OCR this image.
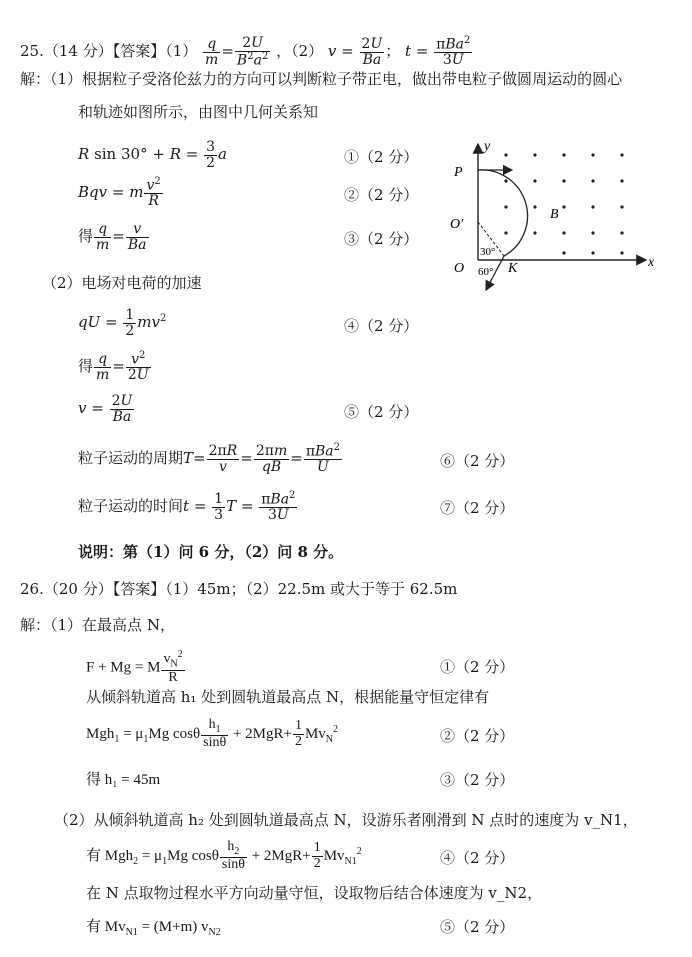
25.（14 分）【答案】$(1) \frac{q}{m} = \frac{2U}{B^2a^2}$ ，（2） $v = \frac{2U}{Ba}$ ； t = πBa$^2$
3U
解：（1）根据粒子受洛伦兹力的方向可以判断粒子带正电，做出带电粒子做圆周运动的圆心
和轨迹如图所示，由图中几何关系知
R $\sin 30^\circ + R = \frac{3}{2}$ a	①（2 分）
Bqv = m $\frac{v^2}{R}$	②（2 分）
得 $\frac{q}{m} = \frac{v}{Ba}$	③（2 分）
（2）电场对电荷的加速
qU = $\frac{1}{2} mv^2$	④（2 分）
得 $\frac{q}{m} = \frac{v^2}{2U}$
$v = \frac{2U}{Ba}$	⑤（2 分）
粒子运动的周期$T= \frac{2\pi R}{v} = \frac{2\pi m}{qB} = \pi Ba^2$
U	⑥（2 分）
粒子运动的时间$t = \frac{1}{3}$ T = πBa$^2$
3U	⑦（2 分）
说明：第（1）问 6 分，（2）问 8 分。
y
x
P
O′
O	K
B
30°
60°
26.（20 分）【答案】（1）45m；（2）22.5m 或大于等于 62.5m
解：（1）在最高点 N，
F + Mg = M $\frac{v_N^2}{R}$	①（2 分）
从倾斜轨道高 h₁ 处到圆轨道最高点 N，根据能量守恒定律有
$Mgh_1 = \mu_1Mg$ cosθ $\frac{h_1}{\sin\theta} + 2MgR+ \frac{1}{2} Mv_N^2$	②（2 分）
得 h₁ = 45m	③（2 分）
（2）从倾斜轨道高 h₂ 处到圆轨道最高点 N，设游乐者刚滑到 N 点时的速度为 v_N1，
有 $Mgh_2 = \mu_1Mg$ cosθ $\frac{h_2}{\sin\theta} + 2MgR+ \frac{1}{2} Mv_{N1}^2$	④（2 分）
在 N 点取物过程水平方向动量守恒，设取物后结合体速度为 v_N2，
有 $Mv_{N1} = (M+m)$ $v_{N2}$	⑤（2 分）
